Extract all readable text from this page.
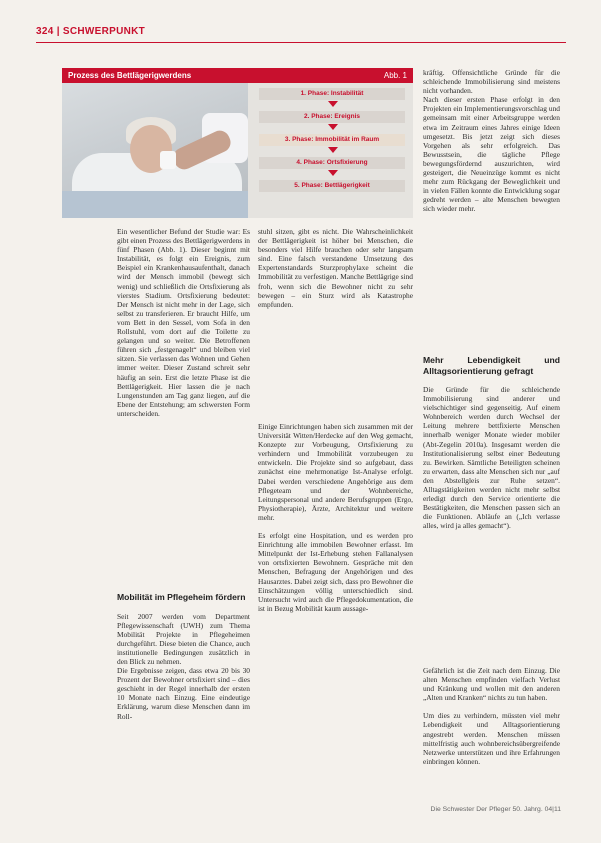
324 | SCHWERPUNKT
Prozess des Bettlägerigwerdens	Abb. 1
1. Phase: Instabilität
2. Phase: Ereignis
3. Phase: Immobilität im Raum
4. Phase: Ortsfixierung
5. Phase: Bettlägerigkeit

Ein wesentlicher Befund der Studie war: Es gibt einen Prozess des Bettlägerigwerdens in fünf Phasen (Abb. 1). Dieser beginnt mit Instabilität, es folgt ein Ereignis, zum Beispiel ein Krankenhausaufenthalt, danach wird der Mensch immobil (bewegt sich wenig) und schließlich die Ortsfixierung als vierstes Stadium. Ortsfixierung bedeutet: Der Mensch ist nicht mehr in der Lage, sich selbst zu transferieren. Er braucht Hilfe, um vom Bett in den Sessel, vom Sofa in den Rollstuhl, vom dort auf die Toilette zu gelangen und so weiter. Die Betroffenen führen sich „festgenagelt“ und bleiben viel sitzen. Sie verlassen das Wohnen und Gehen immer weiter. Dieser Zustand schreit sehr häufig an sein. Erst die letzte Phase ist die Bettlägerigkeit. Hier lassen die je nach Lungenstunden am Tag ganz liegen, auf die Ebene der Entstehung; am schwersten Form unterscheiden.

Mobilität im Pflegeheim fördern

Seit 2007 werden vom Department Pflegewissenschaft (UWH) zum Thema Mobilität Projekte in Pflegeheimen durchgeführt. Diese bieten die Chance, auch institutionelle Bedingungen zusätzlich in den Blick zu nehmen.

Die Ergebnisse zeigen, dass etwa 20 bis 30 Prozent der Bewohner ortsfixiert sind – dies geschieht in der Regel innerhalb der ersten 10 Monate nach Einzug. Eine eindeutige Erklärung, warum diese Menschen dann im Roll-

stuhl sitzen, gibt es nicht. Die Wahrscheinlichkeit der Bettlägerigkeit ist höher bei Menschen, die besonders viel Hilfe brauchen oder sehr langsam sind. Eine falsch verstandene Umsetzung des Expertenstandards Sturzprophylaxe scheint die Immobilität zu verfestigen. Manche Bettlägrige sind froh, wenn sich die Bewohner nicht zu sehr bewegen – ein Sturz wird als Katastrophe empfunden.

Einige Einrichtungen haben sich zusammen mit der Universität Witten/Herdecke auf den Weg gemacht, Konzepte zur Vorbeugung, Ortsfixierung zu verhindern und Immobilität vorzubeugen zu entwickeln. Die Projekte sind so aufgebaut, dass zunächst eine mehrmonatige Ist-Analyse erfolgt. Dabei werden verschiedene Angehörige aus dem Pflegeteam und der Wohnbereiche, Leitungspersonal und andere Berufsgruppen (Ergo, Physiotherapie), Ärzte, Architektur und weitere mehr.

Es erfolgt eine Hospitation, und es werden pro Einrichtung alle immobilen Bewohner erfasst. Im Mittelpunkt der Ist-Erhebung stehen Fallanalysen von ortsfixierten Bewohnern. Gespräche mit den Menschen, Befragung der Angehörigen und des Hausarztes. Dabei zeigt sich, dass pro Bewohner die Einschätzungen völlig unterschiedlich sind. Untersucht wird auch die Pflegedokumentation, die ist in Bezug Mobilität kaum aussage-

kräftig. Offensichtliche Gründe für die schleichende Immobilisierung sind meistens nicht vorhanden.

Nach dieser ersten Phase erfolgt in den Projekten ein Implementierungsvorschlag und gemeinsam mit einer Arbeitsgruppe werden etwa im Zeitraum eines Jahres einige Ideen umgesetzt. Bis jetzt zeigt sich dieses Vorgehen als sehr erfolgreich. Das Bewusstsein, die tägliche Pflege bewegungsfördernd auszurichten, wird gesteigert, die Neueinzüge kommt es nicht mehr zum Rückgang der Beweglichkeit und in vielen Fällen konnte die Entwicklung sogar gedreht werden – alte Menschen bewegten sich wieder mehr.

Mehr Lebendigkeit und Alltagsorientierung gefragt

Die Gründe für die schleichende Immobilisierung sind anderer und vielschichtiger sind gegenseitig. Auf einem Wohnbereich werden durch Wechsel der Leitung mehrere bettfixierte Menschen innerhalb weniger Monate wieder mobiler (Abt-Zegelin 2010a). Insgesamt werden die Institutionalisierung selbst einer Bedeutung zu. Bewirken. Sämtliche Beteiligten scheinen zu erwarten, dass alte Menschen sich nur „auf den Abstellgleis zur Ruhe setzen“. Alltagstätigkeiten werden nicht mehr selbst erledigt durch den Service orientierte die Bestätigkeiten, die Menschen passen sich an die Funktionen. Abläufe an („Ich verlasse alles, wird ja alles gemacht“).

Gefährlich ist die Zeit nach dem Einzug. Die alten Menschen empfinden vielfach Verlust und Kränkung und wollen mit den anderen „Alten und Kranken“ nichts zu tun haben.

Um dies zu verhindern, müssten viel mehr Lebendigkeit und Alltagsorientierung angestrebt werden. Menschen müssen mittelfristig auch wohnbereichsübergreifende Netzwerke unterstützen und ihre Erfahrungen einbringen können.

Die Schwester Der Pfleger 50. Jahrg. 04|11
